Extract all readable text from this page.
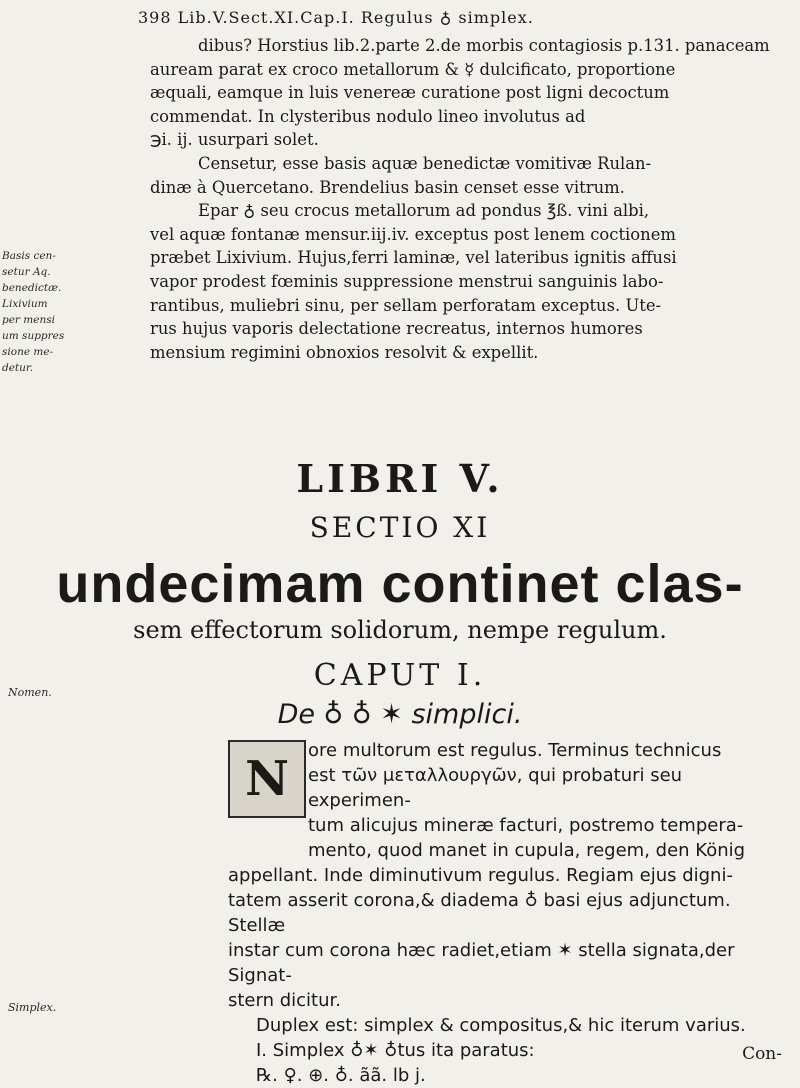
398 Lib.V.Sect.XI.Cap.I. Regulus ♁ simplex.

dibus? Horstius lib.2.parte 2.de morbis contagiosis p.131. panaceam

auream parat ex croco metallorum & ☿ dulcificato, proportione

æquali, eamque in luis venereæ curatione post ligni decoctum

commendat. In clysteribus nodulo lineo involutus ad

℈i. ij. usurpari solet.

Censetur, esse basis aquæ benedictæ vomitivæ Rulan-

dinæ à Quercetano. Brendelius basin censet esse vitrum.

Epar ♁ seu crocus metallorum ad pondus ℥ß. vini albi,

vel aquæ fontanæ mensur.iij.iv. exceptus post lenem coctionem

præbet Lixivium. Hujus,ferri laminæ, vel lateribus ignitis affusi

vapor prodest fœminis suppressione menstrui sanguinis labo-

rantibus, muliebri sinu, per sellam perforatam exceptus. Ute-

rus hujus vaporis delectatione recreatus, internos humores

mensium regimini obnoxios resolvit & expellit.

Basis cen-

setur Aq.

benedictæ.

Lixivium

per mensi

um suppres

sione me-

detur.

LIBRI V.
SECTIO XI
undecimam continet clas-
sem effectorum solidorum, nempe regulum.
CAPUT I.
De ♁ ♁ ✶ simplici.
Nomen.
N

ore multorum est regulus. Terminus technicus

est τῶν μεταλλουργῶν, qui probaturi seu experimen-

tum alicujus mineræ facturi, postremo tempera-

mento, quod manet in cupula, regem, den König

appellant. Inde diminutivum regulus. Regiam ejus digni-

tatem asserit corona,& diadema ♁ basi ejus adjunctum. Stellæ

instar cum corona hæc radiet,etiam ✶ stella signata,der Signat-

stern dicitur.

Duplex est: simplex & compositus,& hic iterum varius.

I. Simplex ♁✶ ♁tus ita paratus:

℞. ♀. ⊕. ♁. ãã. lb j.

Simplex.
Con-
